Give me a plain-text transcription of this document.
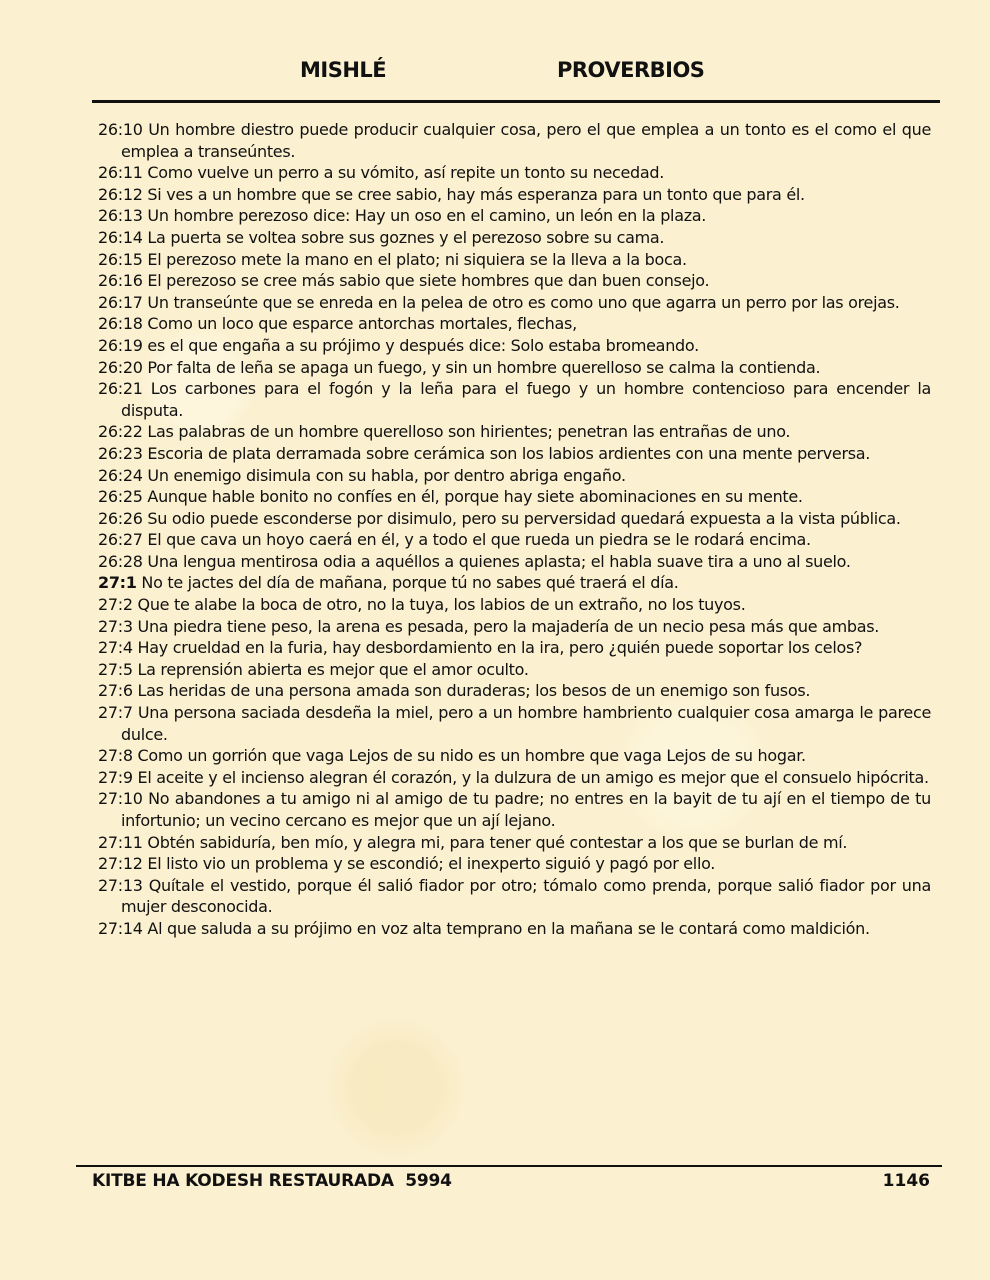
MISHLÉ	PROVERBIOS
26:10 Un hombre diestro puede producir cualquier cosa, pero el que emplea a un tonto es el como el que emplea a transeúntes.
26:11 Como vuelve un perro a su vómito, así repite un tonto su necedad.
26:12 Si ves a un hombre que se cree sabio, hay más esperanza para un tonto que para él.
26:13 Un hombre perezoso dice: Hay un oso en el camino, un león en la plaza.
26:14 La puerta se voltea sobre sus goznes y el perezoso sobre su cama.
26:15 El perezoso mete la mano en el plato; ni siquiera se la lleva a la boca.
26:16 El perezoso se cree más sabio que siete hombres que dan buen consejo.
26:17 Un transeúnte que se enreda en la pelea de otro es como uno que agarra un perro por las orejas.
26:18 Como un loco que esparce antorchas mortales, flechas,
26:19 es el que engaña a su prójimo y después dice: Solo estaba bromeando.
26:20 Por falta de leña se apaga un fuego, y sin un hombre querelloso se calma la contienda.
26:21 Los carbones para el fogón y la leña para el fuego y un hombre contencioso para encender la disputa.
26:22 Las palabras de un hombre querelloso son hirientes; penetran las entrañas de uno.
26:23 Escoria de plata derramada sobre cerámica son los labios ardientes con una mente perversa.
26:24 Un enemigo disimula con su habla, por dentro abriga engaño.
26:25 Aunque hable bonito no confíes en él, porque hay siete abominaciones en su mente.
26:26 Su odio puede esconderse por disimulo, pero su perversidad quedará expuesta a la vista pública.
26:27 El que cava un hoyo caerá en él, y a todo el que rueda un piedra se le rodará encima.
26:28 Una lengua mentirosa odia a aquéllos a quienes aplasta; el habla suave tira a uno al suelo.
27:1 No te jactes del día de mañana, porque tú no sabes qué traerá el día.
27:2 Que te alabe la boca de otro, no la tuya, los labios de un extraño, no los tuyos.
27:3 Una piedra tiene peso, la arena es pesada, pero la majadería de un necio pesa más que ambas.
27:4 Hay crueldad en la furia, hay desbordamiento en la ira, pero ¿quién puede soportar los celos?
27:5 La reprensión abierta es mejor que el amor oculto.
27:6 Las heridas de una persona amada son duraderas; los besos de un enemigo son fusos.
27:7 Una persona saciada desdeña la miel, pero a un hombre hambriento cualquier cosa amarga le parece dulce.
27:8 Como un gorrión que vaga Lejos de su nido es un hombre que vaga Lejos de su hogar.
27:9 El aceite y el incienso alegran él corazón, y la dulzura de un amigo es mejor que el consuelo hipócrita.
27:10 No abandones a tu amigo ni al amigo de tu padre; no entres en la bayit de tu ají en el tiempo de tu infortunio; un vecino cercano es mejor que un ají lejano.
27:11 Obtén sabiduría, ben mío, y alegra mi, para tener qué contestar a los que se burlan de mí.
27:12 El listo vio un problema y se escondió; el inexperto siguió y pagó por ello.
27:13 Quítale el vestido, porque él salió fiador por otro; tómalo como prenda, porque salió fiador por una mujer desconocida.
27:14 Al que saluda a su prójimo en voz alta temprano en la mañana se le contará como maldición.
KITBE HA KODESH RESTAURADA  5994	1146
